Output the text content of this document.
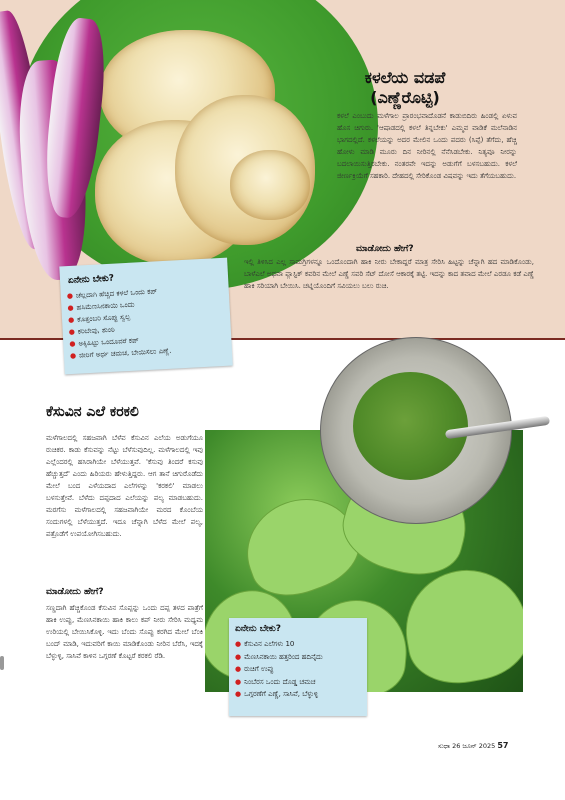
ಕಳಲೆಯ ವಡಪೆ
(ಎಣ್ಣೆರೊಟ್ಟಿ)
ಕಳಲೆ ಎಂಬುದು ಮಳೆಗಾಲ ಪ್ರಾರಂಭವಾದೊಡನೆ ಕಾಡುಬಿದಿರು ಹಿಂಡಲ್ಲಿ ಏಳುವ ಹೊಸ ಚಿಗುರು. 'ಆಷಾಡದಲ್ಲಿ ಕಳಲೆ ತಿನ್ನಬೇಕು' ಎಮ್ಮವ ವಾಡಿಕೆ ಮಲೆನಾಡಿನ ಭಾಗದಲ್ಲಿದೆ. ಕಳಲೆಯನ್ನು ಅದರ ಮೇಲಿನ ಒಂದು ಪದರು (ಸಿಪ್ಪೆ) ತೆಗೆದು, ಹೆಚ್ಚಿ ಹೋಳು ಮಾಡಿ ಮೂರು ದಿನ ನೀರಿನಲ್ಲಿ ನೆನೆಸಿಡಬೇಕು. ನಿತ್ಯವೂ ನೀರನ್ನು ಬದಲಾಯಿಸುತ್ತಿರಬೇಕು. ನಂತರವೇ ಇದನ್ನು ಅಡುಗೆಗೆ ಬಳಸಬಹುದು. ಕಳಲೆ ಜೀರ್ಣಕ್ರಿಯೆಗೆ ಸಹಕಾರಿ. ದೇಹದಲ್ಲಿ ಸೇರಿಕೊಂಡ ವಿಷವನ್ನು ಇದು ತೆಗೆಯಬಹುದು.
ಮಾಡೋದು ಹೇಗೆ?
ಇಲ್ಲಿ ತಿಳಿಸಿದ ಎಲ್ಲ ಸಾಮಗ್ರಿಗಳನ್ನೂ ಒಂದೊಂದಾಗಿ ಹಾಕಿ ನೀರು ಬೇಕಾದ್ದರೆ ಮಾತ್ರ ಸೇರಿಸಿ ಹಿಟ್ಟನ್ನು ಚೆನ್ನಾಗಿ ಹದ ಮಾಡಿಕೊಂಡು, ಬಾಳೆಎಲೆ ಅಥವಾ ಪ್ಲಾಸ್ಟಿಕ್ ಕವರಿನ ಮೇಲೆ ಎಣ್ಣೆ ಸವರಿ ಸೆಟ್ ದೋಸೆ ಆಕಾರಕ್ಕೆ ತಟ್ಟಿ. ಇದನ್ನು ಕಾದ ತವಾದ ಮೇಲೆ ಎರಡೂ ಕಡೆ ಎಣ್ಣೆ ಹಾಕಿ ಸರಿಯಾಗಿ ಬೇಯಿಸಿ. ಚಟ್ನಿಯೊಂದಿಗೆ ಸವಿಯಲು ಬಲು ರುಚಿ.
ಏನೇನು ಬೇಕು?
● ಚೆಲ್ಲದಾಗಿ ಹೆಚ್ಚಿದ ಕಳಲೆ ಒಂದು ಕಪ್
● ಹಸಿಮೆಣಸಿನಕಾಯಿ ಒಂದು
● ಕೊತ್ತಂಬರಿ ಸೊಪ್ಪು ಸ್ವಲ್ಪ
● ಕರಿಬೇವು, ಶುಂಠಿ
● ಅಕ್ಕಿಹಿಟ್ಟು ಒಂದೂವರೆ ಕಪ್
● ಜೀರಿಗೆ ಅರ್ಧ ಚಮಚ, ಬೇಯಿಸಲು ಎಣ್ಣೆ.
ಕೆಸುವಿನ ಎಲೆ ಕರಕಲಿ
ಮಳೆಗಾಲದಲ್ಲಿ ಸಹಜವಾಗಿ ಬೆಳೆವ ಕೆಸುವಿನ ಎಲೆಯ ಅಡುಗೆಯೂ ರುಚಿಕರ. ಕಾಡು ಕೆಸುವನ್ನು ನೆಟ್ಟು ಬೆಳೆಸುವುದಿಲ್ಲ. ಮಳೆಗಾಲದಲ್ಲಿ ಇವು ಎಲ್ಲೆಂದರಲ್ಲಿ ಹಸಿರಾಗಿಯೇ ಬೆಳೆಯುತ್ತವೆ. 'ಕೆಸುವು ತಿಂದರೆ ಕಸುವು ಹೆಚ್ಚುತ್ತದೆ' ಎಂದು ಹಿರಿಯರು ಹೇಳುತ್ತಿದ್ದರು. ಆಗ ತಾನೆ ಚಿಗುರೊಡೆದು ಮೇಲೆ ಬಂದ ಎಳೆಯದಾದ ಎಲೆಗಳನ್ನು 'ಕರಕಲಿ' ಮಾಡಲು ಬಳಸುತ್ತೇವೆ. ಬೆಳೆದು ದಪ್ಪದಾದ ಎಲೆಯನ್ನು ಪಲ್ಯ ಮಾಡಬಹುದು. ಮರಗೆಸು ಮಳೆಗಾಲದಲ್ಲಿ ಸಹಜವಾಗಿಯೇ ಮರದ ಕೊಂಬೆಯ ಸಂದುಗಳಲ್ಲಿ ಬೆಳೆಯುತ್ತದೆ. ಇದೂ ಚೆನ್ನಾಗಿ ಬೆಳೆದ ಮೇಲೆ ಪಲ್ಯ, ಪತ್ರೊಡೆಗೆ ಉಪಯೋಗಿಸಬಹುದು.
ಮಾಡೋದು ಹೇಗೆ?
ಸಣ್ಣದಾಗಿ ಹೆಚ್ಚಿಕೊಂಡ ಕೆಸುವಿನ ಸೊಪ್ಪನ್ನು ಒಂದು ದಪ್ಪ ತಳದ ಪಾತ್ರೆಗೆ ಹಾಕಿ ಉಪ್ಪು, ಮೆಣಸಿನಕಾಯಿ ಹಾಕಿ ಕಾಲು ಕಪ್ ನೀರು ಸೇರಿಸಿ ಮಧ್ಯಮ ಉರಿಯಲ್ಲಿ ಬೇಯಿಸಿಕೊಳ್ಳಿ. ಇದು ಬೆಂದು ಸೊಪ್ಪು ಕರಗಿದ ಮೇಲೆ ಬೆಂಕಿ ಬಂದ್ ಮಾಡಿ, ಇದುವರಿಗೆ ಕಾಯಿ ಮಾಡಿಕೊಂಡು ನೀರಿನ ಬೆರೆಸಿ, ಇದಕ್ಕೆ ಬೆಳ್ಳುಳ್ಳಿ, ಸಾಸಿವೆ ಕಾಳಿನ ಒಗ್ಗರಣೆ ಕೊಟ್ಟರೆ ಕರಕಲಿ ರೆಡಿ.
ಏನೇನು ಬೇಕು?
● ಕೆಸುವಿನ ಎಲೆಗಳು 10
● ಮೆಣಸಿನಕಾಯಿ ಹತ್ತರಿಂದ ಹದಿನೈದು
● ರುಚಿಗೆ ಉಪ್ಪು
● ನಿಂಬೆರಸ ಒಂದು ದೊಡ್ಡ ಚಮಚ
● ಒಗ್ಗರಣೆಗೆ ಎಣ್ಣೆ, ಸಾಸಿವೆ, ಬೆಳ್ಳುಳ್ಳಿ
ಸುಧಾ 26 ಜೂನ್ 2025 57
